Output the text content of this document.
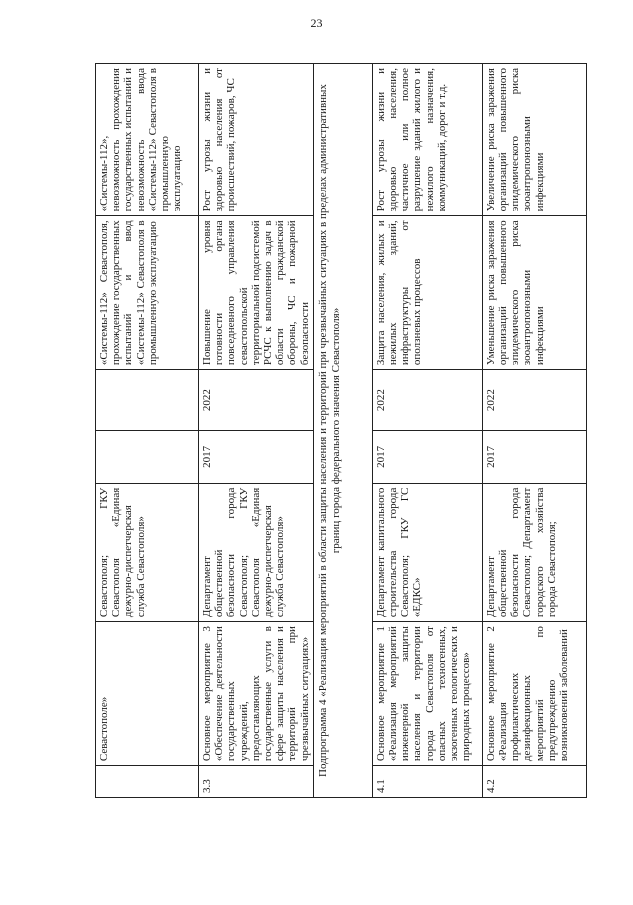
23
	Севастополе»	Севастополя; ГКУ Севастополя «Единая дежурно-диспетчерская служба Севастополя»			«Системы-112» Севастополя, прохождение государственных испытаний и ввод «Системы-112» Севастополя в промышленную эксплуатацию	«Системы-112», невозможность прохождения государственных испытаний и невозможность ввода «Системы-112» Севастополя в промышленную эксплуатацию
3.3	Основное мероприятие 3 «Обеспечение деятельности государственных учреждений, предоставляющих государственные услуги в сфере защиты населения и территорий при чрезвычайных ситуациях»	Департамент общественной безопасности города Севастополя; ГКУ Севастополя «Единая дежурно-диспетчерская служба Севастополя»	2017	2022	Повышение уровня готовности органа повседневного управления севастопольской территориальной подсистемой РСЧС к выполнению задач в области гражданской обороны, ЧС и пожарной безопасности	Рост угрозы жизни и здоровью населения от происшествий, пожаров, ЧС
Подпрограмма 4 «Реализация мероприятий в области защиты населения и территорий при чрезвычайных ситуациях в пределах административных границ города федерального значения Севастополя»						
4.1	Основное мероприятие 1 «Реализация мероприятий инженерной защиты населения и территории города Севастополя от опасных техногенных, экзогенных геологических и природных процессов»	Департамент капитального строительства города Севастополя; ГКУ ГС «ЕДКС»	2017	2022	Защита населения, жилых и нежилых зданий, инфраструктуры от оползневых процессов	Рост угрозы жизни и здоровью населения, частичное или полное разрушение зданий жилого и нежилого назначения, коммуникаций, дорог и т.д.
4.2	Основное мероприятие 2 «Реализация профилактических дезинфекционных мероприятий по предупреждению возникновений заболеваний	Департамент общественной безопасности города Севастополя; Департамент городского хозяйства города Севастополя;	2017	2022	Уменьшение риска заражения организаций повышенного эпидемического риска зооантропонозными инфекциями	Увеличение риска заражения организаций повышенного эпидемического риска зооантропонозными инфекциями
